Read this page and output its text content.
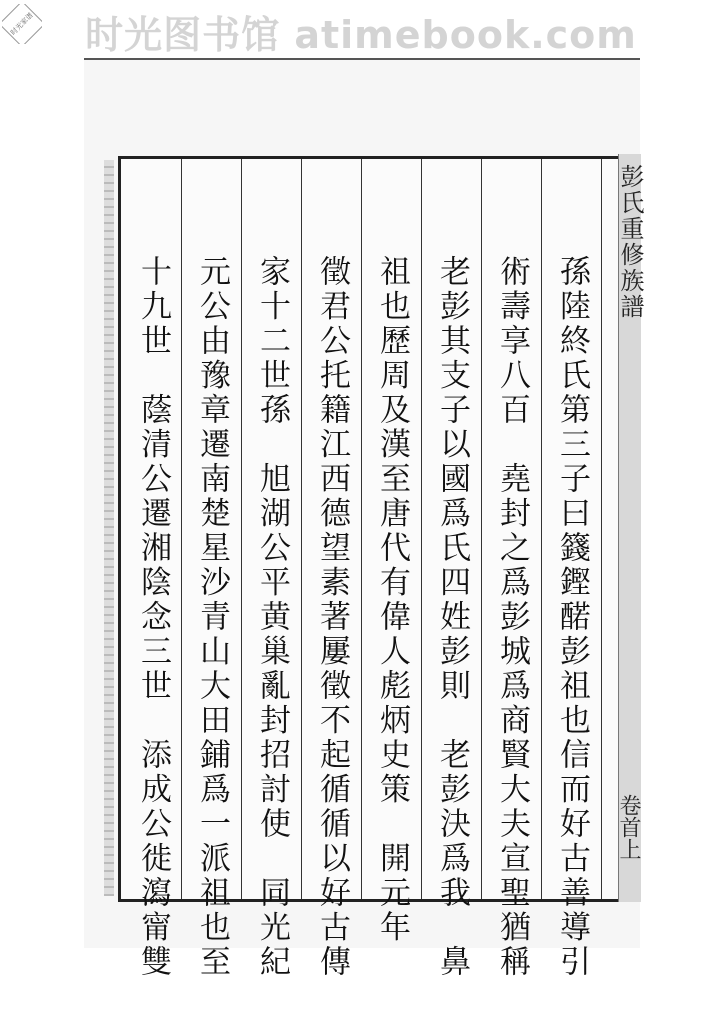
时光图书馆 atimebook.com
时光家谱
十九世　蔭清公遷湘陰念三世　添成公徙瀉甯雙 元公由豫章遷南楚星沙青山大田鋪爲一派祖也至 家十二世孫　旭湖公平黄巢亂封招討使　同光紀 徵君公托籍江西德望素著屢徵不起循循以好古傳 祖也歷周及漢至唐代有偉人彪炳史策　開元年 老彭其支子以國爲氏四姓彭則　老彭決爲我　鼻 術壽享八百　堯封之爲彭城爲商賢大夫宣聖猶稱 孫陸終氏第三子曰籛鏗䤀彭祖也信而好古善導引
彭氏重修族譜
卷首上
